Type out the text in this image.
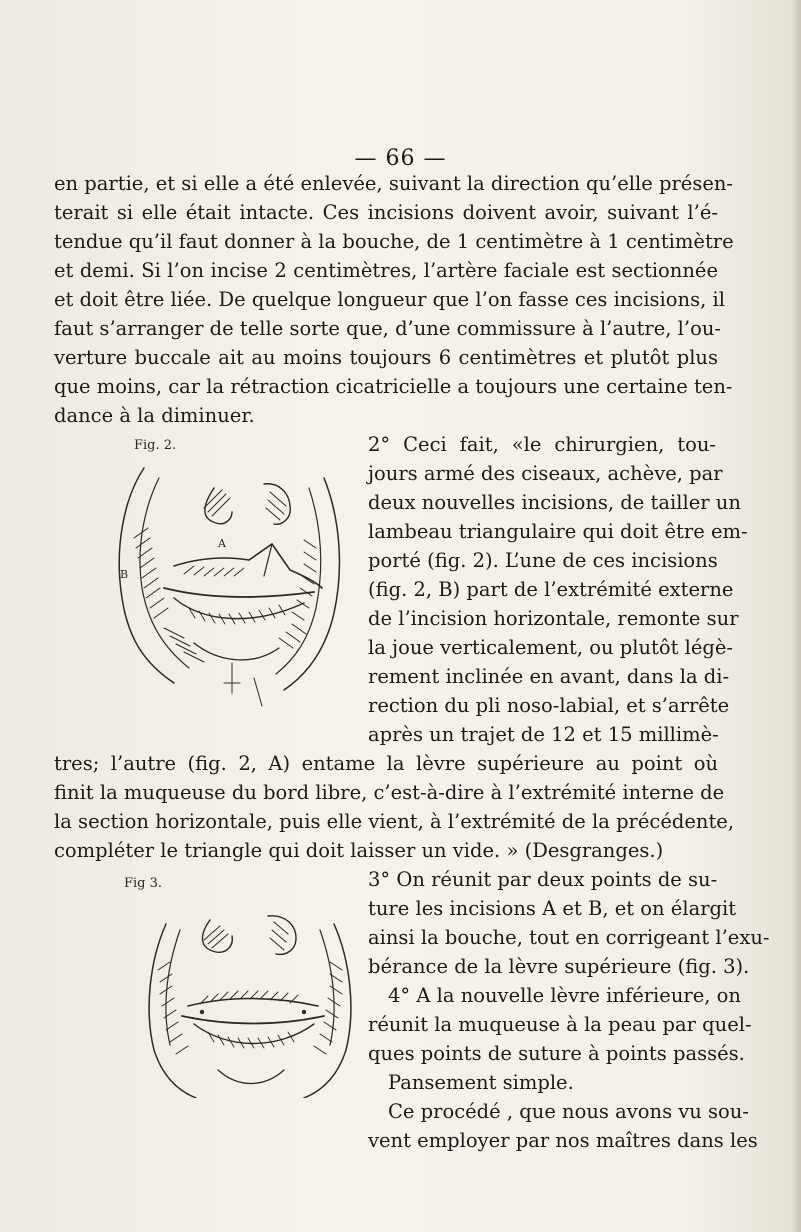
— 66 —
en partie, et si elle a été enlevée, suivant la direction qu’elle présen-
terait si elle était intacte. Ces incisions doivent avoir, suivant l’é-
tendue qu’il faut donner à la bouche, de 1 centimètre à 1 centimètre
et demi. Si l’on incise 2 centimètres, l’artère faciale est sectionnée
et doit être liée. De quelque longueur que l’on fasse ces incisions, il
faut s’arranger de telle sorte que, d’une commissure à l’autre, l’ou-
verture buccale ait au moins toujours 6 centimètres et plutôt plus
que moins, car la rétraction cicatricielle a toujours une certaine ten-
dance à la diminuer.
Fig. 2.
A
B
2° Ceci fait, «le chirurgien, tou-
jours armé des ciseaux, achève, par
deux nouvelles incisions, de tailler un
lambeau triangulaire qui doit être em-
porté (fig. 2). L’une de ces incisions
(fig. 2, B) part de l’extrémité externe
de l’incision horizontale, remonte sur
la joue verticalement, ou plutôt légè-
rement inclinée en avant, dans la di-
rection du pli noso-labial, et s’arrête
après un trajet de 12 et 15 millimè-
tres; l’autre (fig. 2, A) entame la lèvre supérieure au point où
finit la muqueuse du bord libre, c’est-à-dire à l’extrémité interne de
la section horizontale, puis elle vient, à l’extrémité de la précédente,
compléter le triangle qui doit laisser un vide. » (Desgranges.)
Fig 3.	3° On réunit par deux points de su-
ture les incisions A et B, et on élargit
ainsi la bouche, tout en corrigeant l’exu-
bérance de la lèvre supérieure (fig. 3).
4° A la nouvelle lèvre inférieure, on
réunit la muqueuse à la peau par quel-
ques points de suture à points passés.
Pansement simple.
Ce procédé , que nous avons vu sou-
vent employer par nos maîtres dans les
